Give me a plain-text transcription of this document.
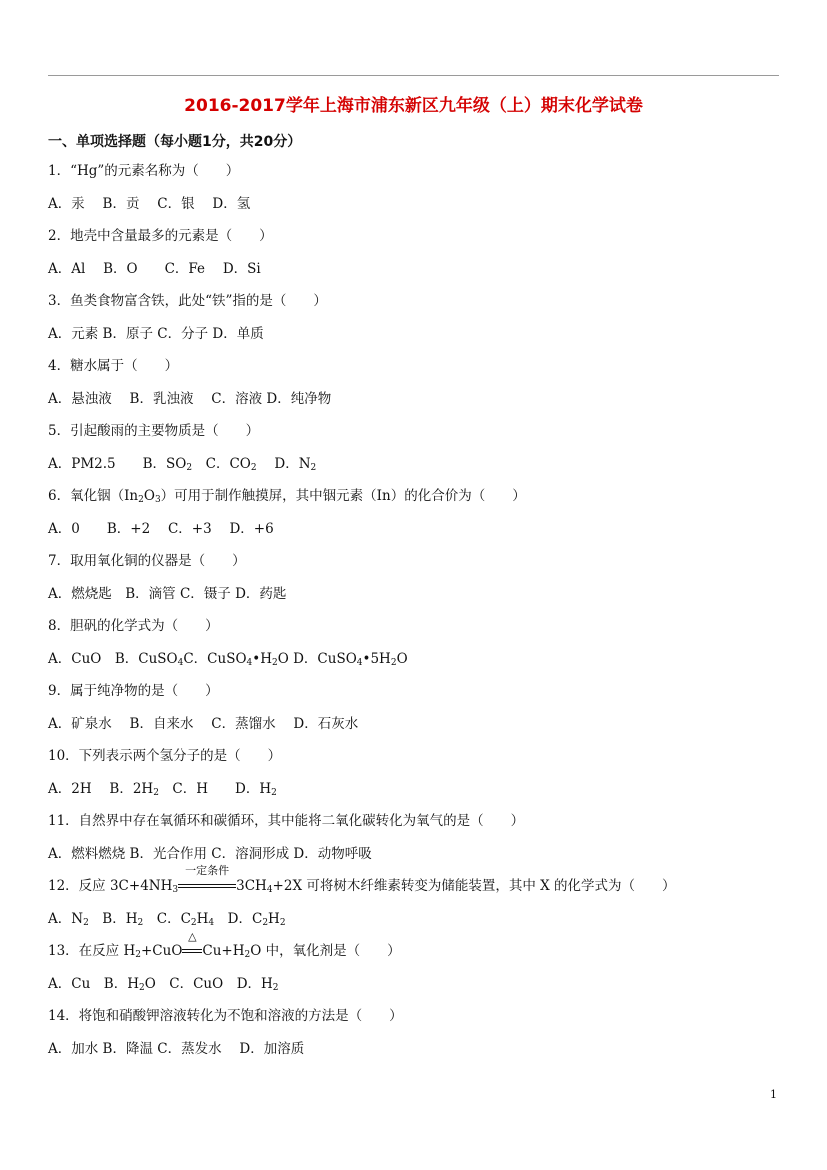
2016-2017学年上海市浦东新区九年级（上）期末化学试卷
一、单项选择题（每小题1分，共20分）
1．“Hg”的元素名称为（　　）
A．汞　 B．贡　 C．银　 D．氢
2．地壳中含量最多的元素是（　　）
A．Al　 B．O　　C．Fe　 D．Si
3．鱼类食物富含铁，此处“铁”指的是（　　）
A．元素 B．原子 C．分子 D．单质
4．糖水属于（　　）
A．悬浊液　 B．乳浊液　 C．溶液 D．纯净物
5．引起酸雨的主要物质是（　　）
A．PM2.5　　B．$SO_2$　C．$CO_2$　 D．$N_2$
6．氧化铟$(In_2O_3)$可用于制作触摸屏，其中铟元素（In）的化合价为（　　）
A．0　　B．+2　 C．+3　 D．+6
7．取用氧化铜的仪器是（　　）
A．燃烧匙　B．滴管 C．镊子 D．药匙
8．胆矾的化学式为（　　）
A．CuO　B．CuSO$_4$C．$CuSO_4•H_2O$ D．$CuSO_4•5H_2O$
9．属于纯净物的是（　　）
A．矿泉水　 B．自来水　 C．蒸馏水　 D．石灰水
10．下列表示两个氢分子的是（　　）
A．2H　 B．$2H_2$　C．H　　D．$H_2$
11．自然界中存在氧循环和碳循环，其中能将二氧化碳转化为氧气的是（　　）
A．燃料燃烧 B．光合作用 C．溶洞形成 D．动物呼吸
12．反应 $3C+4NH_3$
一定条件
$3CH_4+2X$ 可将树木纤维素转变为储能装置，其中 X 的化学式为（　　）
A．$N_2$　B．$H_2$　C．$C_2H_4$　D．$C_2H_2$
13．在反应 $H_2+CuO$
△
$Cu+H_2O$ 中，氧化剂是（　　）
A．Cu　B．$H_2O$　C．CuO　D．$H_2$
14．将饱和硝酸钾溶液转化为不饱和溶液的方法是（　　）
A．加水 B．降温 C．蒸发水　 D．加溶质
1
